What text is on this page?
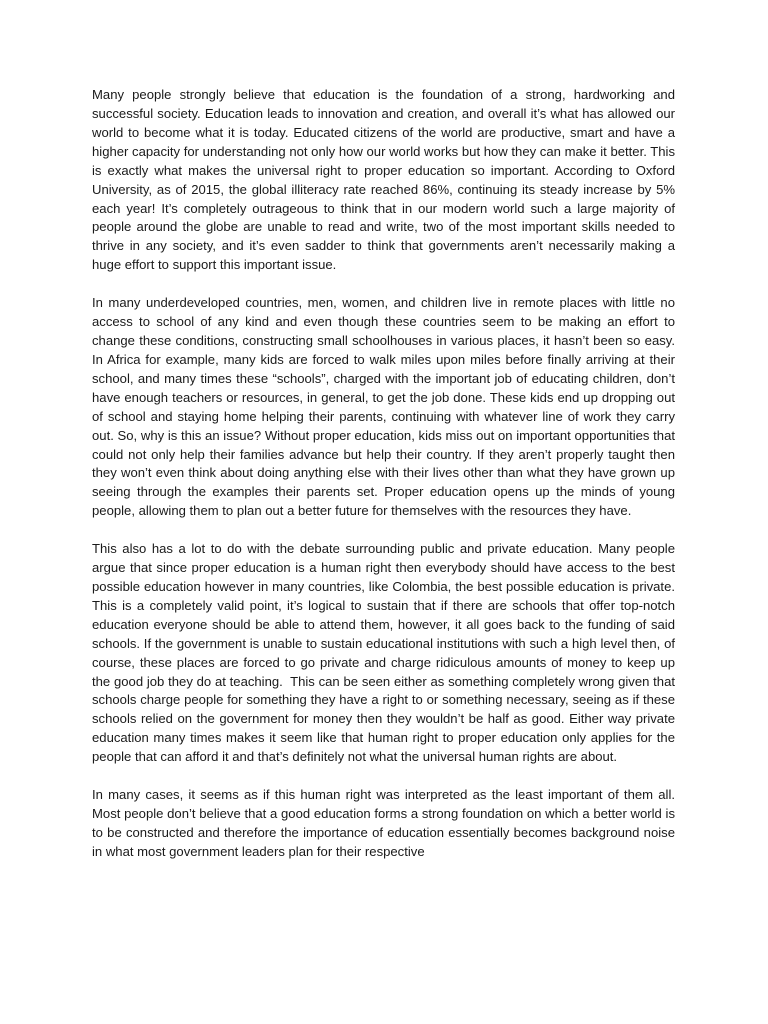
Many people strongly believe that education is the foundation of a strong, hardworking and successful society. Education leads to innovation and creation, and overall it’s what has allowed our world to become what it is today. Educated citizens of the world are productive, smart and have a higher capacity for understanding not only how our world works but how they can make it better. This is exactly what makes the universal right to proper education so important. According to Oxford University, as of 2015, the global illiteracy rate reached 86%, continuing its steady increase by 5% each year! It’s completely outrageous to think that in our modern world such a large majority of people around the globe are unable to read and write, two of the most important skills needed to thrive in any society, and it’s even sadder to think that governments aren’t necessarily making a huge effort to support this important issue.

In many underdeveloped countries, men, women, and children live in remote places with little no access to school of any kind and even though these countries seem to be making an effort to change these conditions, constructing small schoolhouses in various places, it hasn’t been so easy. In Africa for example, many kids are forced to walk miles upon miles before finally arriving at their school, and many times these “schools”, charged with the important job of educating children, don’t have enough teachers or resources, in general, to get the job done. These kids end up dropping out of school and staying home helping their parents, continuing with whatever line of work they carry out. So, why is this an issue? Without proper education, kids miss out on important opportunities that could not only help their families advance but help their country. If they aren’t properly taught then they won’t even think about doing anything else with their lives other than what they have grown up seeing through the examples their parents set. Proper education opens up the minds of young people, allowing them to plan out a better future for themselves with the resources they have.

This also has a lot to do with the debate surrounding public and private education. Many people argue that since proper education is a human right then everybody should have access to the best possible education however in many countries, like Colombia, the best possible education is private. This is a completely valid point, it’s logical to sustain that if there are schools that offer top-notch education everyone should be able to attend them, however, it all goes back to the funding of said schools. If the government is unable to sustain educational institutions with such a high level then, of course, these places are forced to go private and charge ridiculous amounts of money to keep up the good job they do at teaching.  This can be seen either as something completely wrong given that schools charge people for something they have a right to or something necessary, seeing as if these schools relied on the government for money then they wouldn’t be half as good. Either way private education many times makes it seem like that human right to proper education only applies for the people that can afford it and that’s definitely not what the universal human rights are about.

In many cases, it seems as if this human right was interpreted as the least important of them all. Most people don’t believe that a good education forms a strong foundation on which a better world is to be constructed and therefore the importance of education essentially becomes background noise in what most government leaders plan for their respective
